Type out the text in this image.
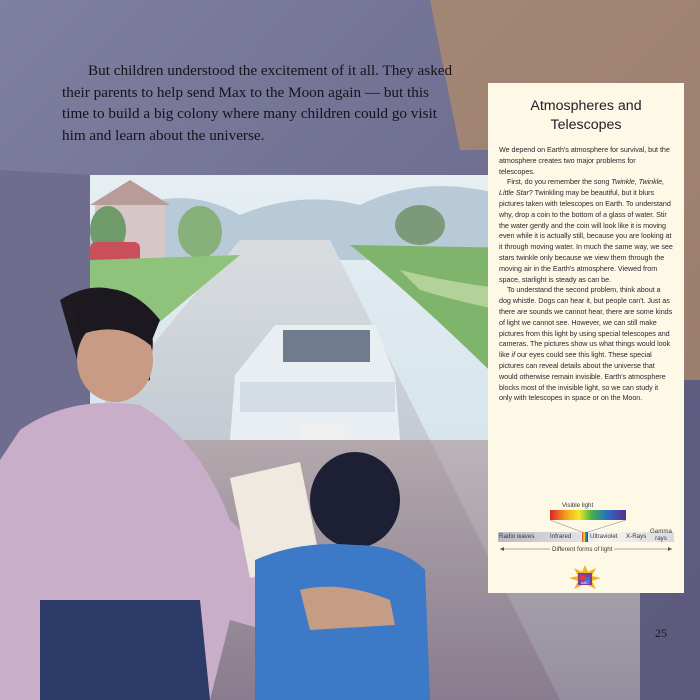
But children understood the excitement of it all. They asked their parents to help send Max to the Moon again — but this time to build a big colony where many children could go visit him and learn about the universe.

Atmospheres and
Telescopes

We depend on Earth's atmosphere for survival, but the atmosphere creates two major problems for telescopes.

First, do you remember the song Twinkle, Twinkle, Little Star? Twinkling may be beautiful, but it blurs pictures taken with telescopes on Earth. To understand why, drop a coin to the bottom of a glass of water. Stir the water gently and the coin will look like it is moving even while it is actually still, because you are looking at it through moving water. In much the same way, we see stars twinkle only because we view them through the moving air in the Earth's atmosphere. Viewed from space, starlight is steady as can be.

To understand the second problem, think about a dog whistle. Dogs can hear it, but people can't. Just as there are sounds we cannot hear, there are some kinds of light we cannot see. However, we can still make pictures from this light by using special telescopes and cameras. The pictures show us what things would look like if our eyes could see this light. These special pictures can reveal details about the universe that would otherwise remain invisible. Earth's atmosphere blocks most of the invisible light, so we can study it only with telescopes in space or on the Moon.

Visible light
Radio waves	Infrared	Ultraviolet X-Rays
Gamma rays
Different forms of light
ABC
25
